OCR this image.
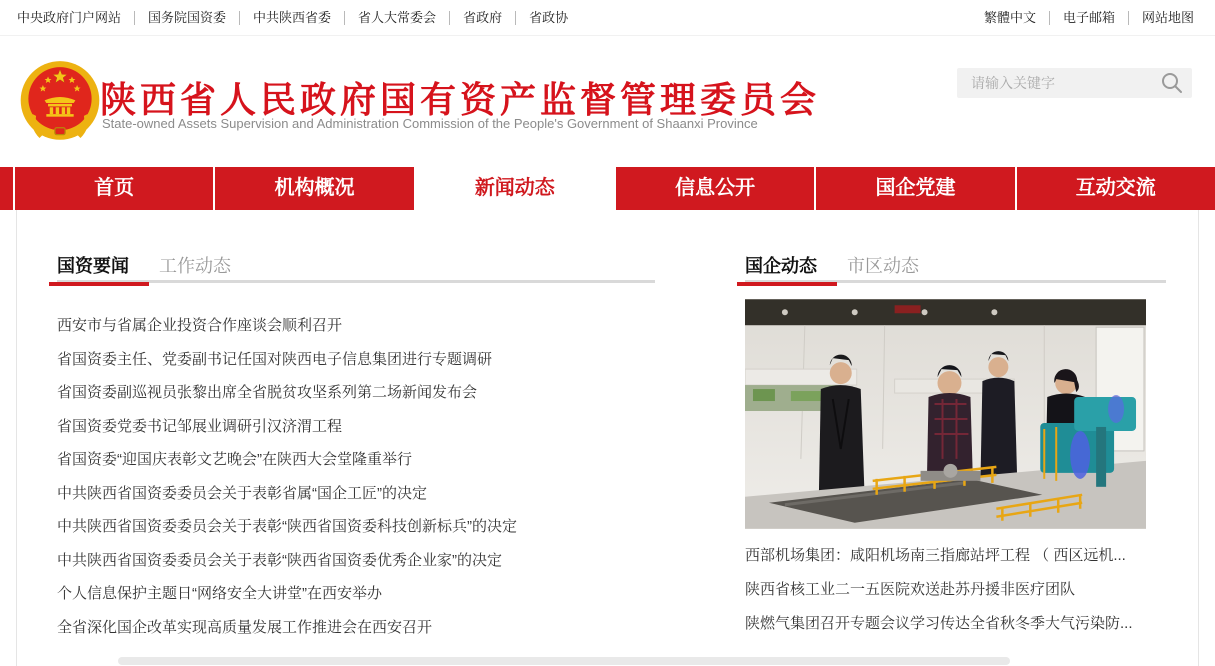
中央政府门户网站	国务院国资委	中共陕西省委	省人大常委会	省政府	省政协	繁體中文	电子邮箱	网站地图
陕西省人民政府国有资产监督管理委员会
State-owned Assets Supervision and Administration Commission of the People's Government of Shaanxi Province
请输入关键字
首页	机构概况	新闻动态	信息公开	国企党建	互动交流
国资要闻 工作动态
西安市与省属企业投资合作座谈会顺利召开
省国资委主任、党委副书记任国对陕西电子信息集团进行专题调研
省国资委副巡视员张黎出席全省脱贫攻坚系列第二场新闻发布会
省国资委党委书记邹展业调研引汉济渭工程
省国资委“迎国庆表彰文艺晚会”在陕西大会堂隆重举行
中共陕西省国资委委员会关于表彰省属“国企工匠”的决定
中共陕西省国资委委员会关于表彰“陕西省国资委科技创新标兵”的决定
中共陕西省国资委委员会关于表彰“陕西省国资委优秀企业家”的决定
个人信息保护主题日“网络安全大讲堂”在西安举办
全省深化国企改革实现高质量发展工作推进会在西安召开
国企动态 市区动态
西部机场集团：咸阳机场南三指廊站坪工程 （ 西区远机...
陕西省核工业二一五医院欢送赴苏丹援非医疗团队
陕燃气集团召开专题会议学习传达全省秋冬季大气污染防...
